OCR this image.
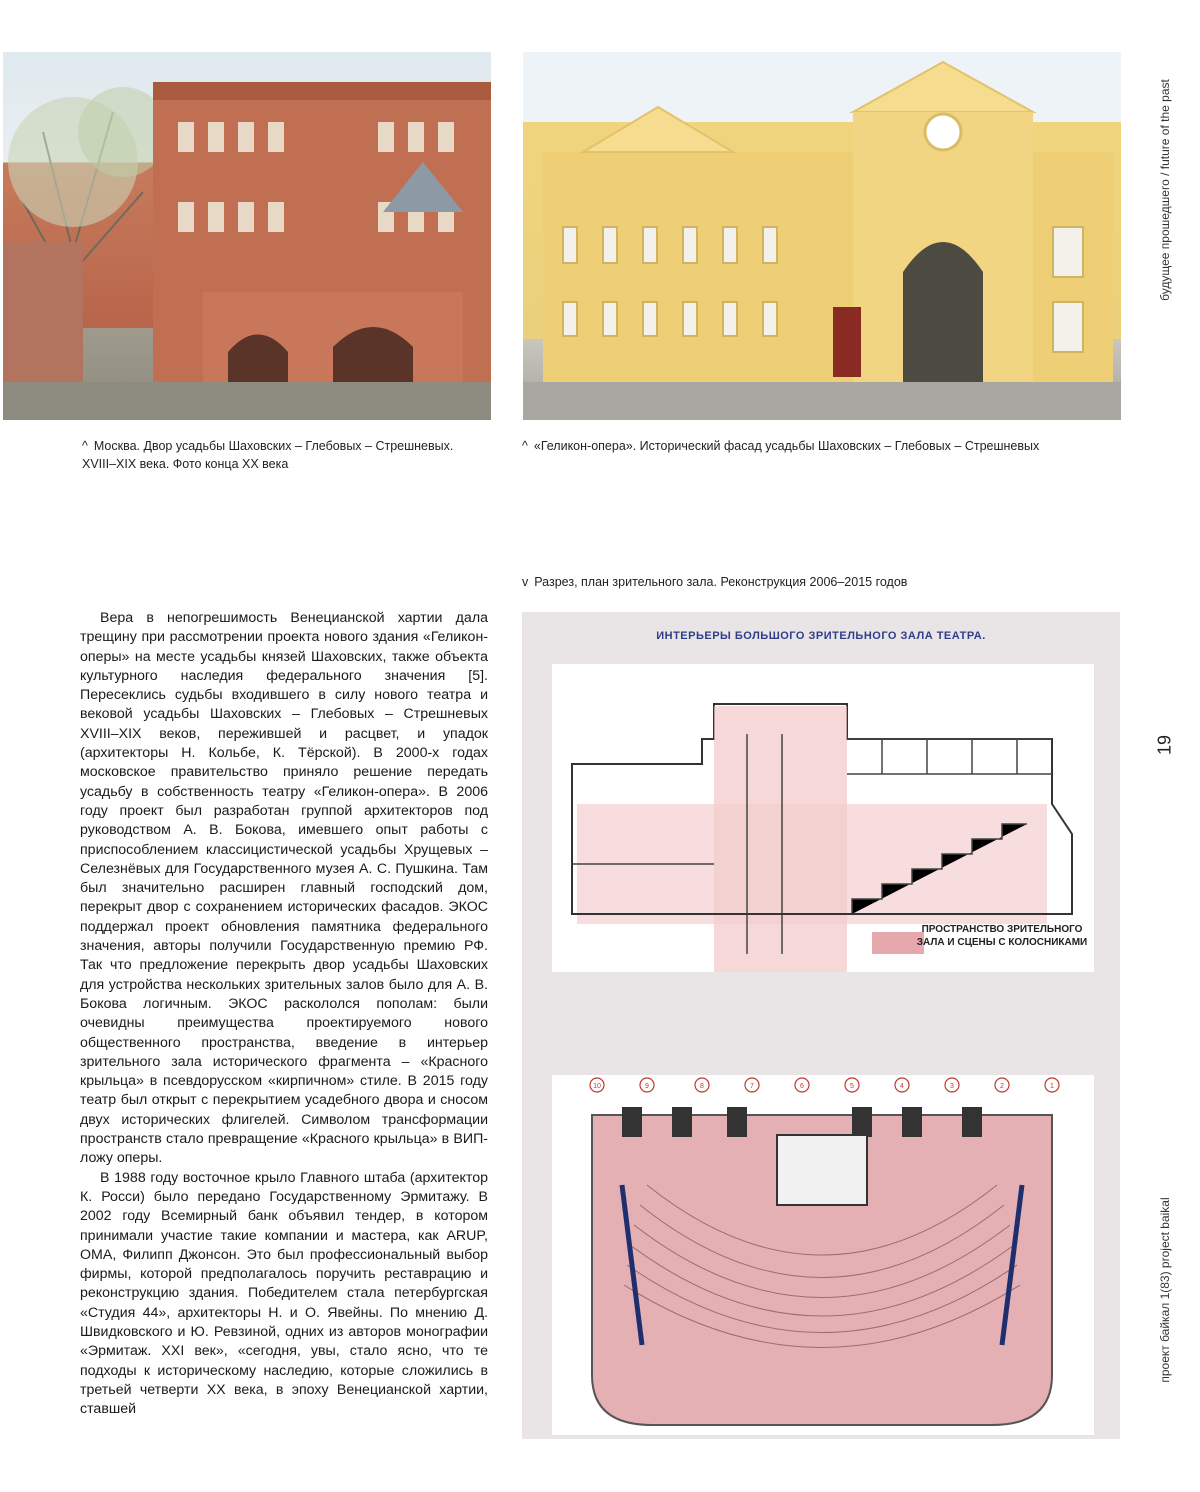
^ Москва. Двор усадьбы Шаховских – Глебовых – Стрешневых.
XVIII–XIX века. Фото конца XX века
^ «Геликон-опера». Исторический фасад усадьбы Шаховских – Глебовых – Стрешневых
v Разрез, план зрительного зала. Реконструкция 2006–2015 годов
будущее прошедшего / future of the past
19
проект байкал 1(83) project baikal

Вера в непогрешимость Венецианской хартии дала трещину при рассмотрении проекта нового здания «Геликон-оперы» на месте усадьбы князей Шаховских, также объекта культурного наследия федерального значения [5]. Пересеклись судьбы входившего в силу нового театра и вековой усадьбы Шаховских – Глебовых – Стрешневых XVIII–XIX веков, пережившей и расцвет, и упадок (архитекторы Н. Кольбе, К. Тёрской). В 2000-х годах московское правительство приняло решение передать усадьбу в собственность театру «Геликон-опера». В 2006 году проект был разработан группой архитекторов под руководством А. В. Бокова, имевшего опыт работы с приспособлением классицистической усадьбы Хрущевых – Селезнёвых для Государственного музея А. С. Пушкина. Там был значительно расширен главный господский дом, перекрыт двор с сохранением исторических фасадов. ЭКОС поддержал проект обновления памятника федерального значения, авторы получили Государственную премию РФ. Так что предложение перекрыть двор усадьбы Шаховских для устройства нескольких зрительных залов было для А. В. Бокова логичным. ЭКОС раскололся пополам: были очевидны преимущества проектируемого нового общественного пространства, введение в интерьер зрительного зала исторического фрагмента – «Красного крыльца» в псевдорусском «кирпичном» стиле. В 2015 году театр был открыт с перекрытием усадебного двора и сносом двух исторических флигелей. Символом трансформации пространств стало превращение «Красного крыльца» в ВИП-ложу оперы.

В 1988 году восточное крыло Главного штаба (архитектор К. Росси) было передано Государственному Эрмитажу. В 2002 году Всемирный банк объявил тендер, в котором принимали участие такие компании и мастера, как ARUP, OMA, Филипп Джонсон. Это был профессиональный выбор фирмы, которой предполагалось поручить реставрацию и реконструкцию здания. Победителем стала петербургская «Студия 44», архитекторы Н. и О. Явейны. По мнению Д. Швидковского и Ю. Ревзиной, одних из авторов монографии «Эрмитаж. XXI век», «сегодня, увы, стало ясно, что те подходы к историческому наследию, которые сложились в третьей четверти XX века, в эпоху Венецианской хартии, ставшей

ИНТЕРЬЕРЫ БОЛЬШОГО ЗРИТЕЛЬНОГО ЗАЛА ТЕАТРА.
ПРОСТРАНСТВО ЗРИТЕЛЬНОГО
ЗАЛА И СЦЕНЫ С КОЛОСНИКАМИ
10	9	8	7	6	5	4	3	2	1
